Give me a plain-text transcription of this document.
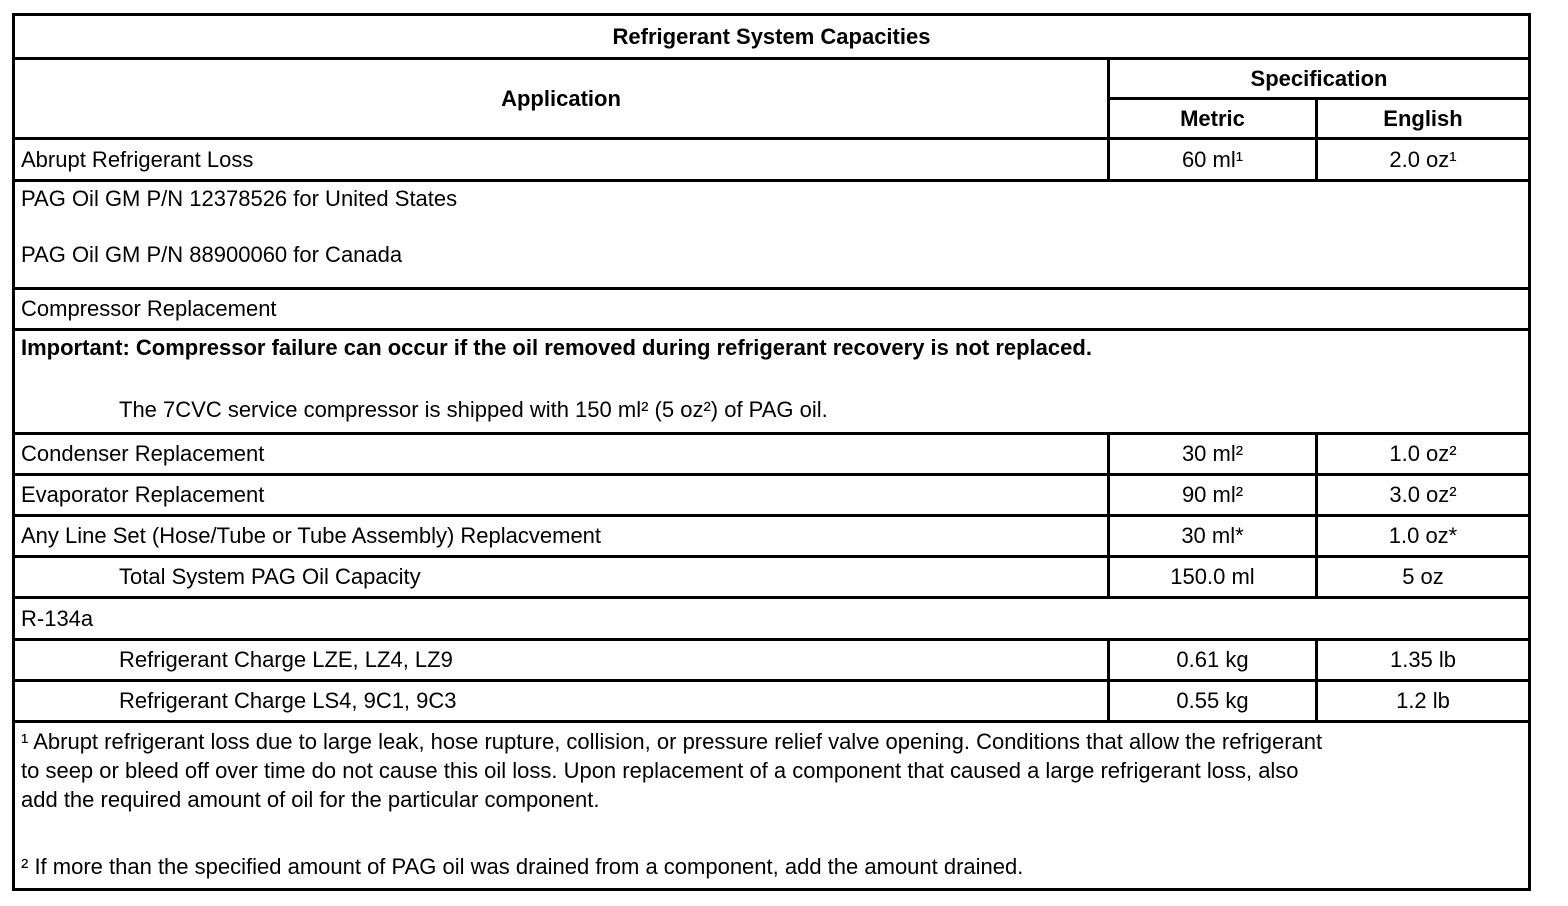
Refrigerant System Capacities		
Application	Specification	
	Metric	English
Abrupt Refrigerant Loss	60 ml¹	2.0 oz¹

PAG Oil GM P/N 12378526 for United States
PAG Oil GM P/N 88900060 for Canada		

Compressor Replacement		

Important: Compressor failure can occur if the oil removed during refrigerant recovery is not replaced.
The 7CVC service compressor is shipped with 150 ml² (5 oz²) of PAG oil.		

Condenser Replacement	30 ml²	1.0 oz²
Evaporator Replacement	90 ml²	3.0 oz²
Any Line Set (Hose/Tube or Tube Assembly) Replacvement	30 ml*	1.0 oz*
Total System PAG Oil Capacity	150.0 ml	5 oz
R-134a		
Refrigerant Charge LZE, LZ4, LZ9	0.61 kg	1.35 lb
Refrigerant Charge LS4, 9C1, 9C3	0.55 kg	1.2 lb

¹ Abrupt refrigerant loss due to large leak, hose rupture, collision, or pressure relief valve opening. Conditions that allow the refrigerant
to seep or bleed off over time do not cause this oil loss. Upon replacement of a component that caused a large refrigerant loss, also
add the required amount of oil for the particular component.
² If more than the specified amount of PAG oil was drained from a component, add the amount drained.		
